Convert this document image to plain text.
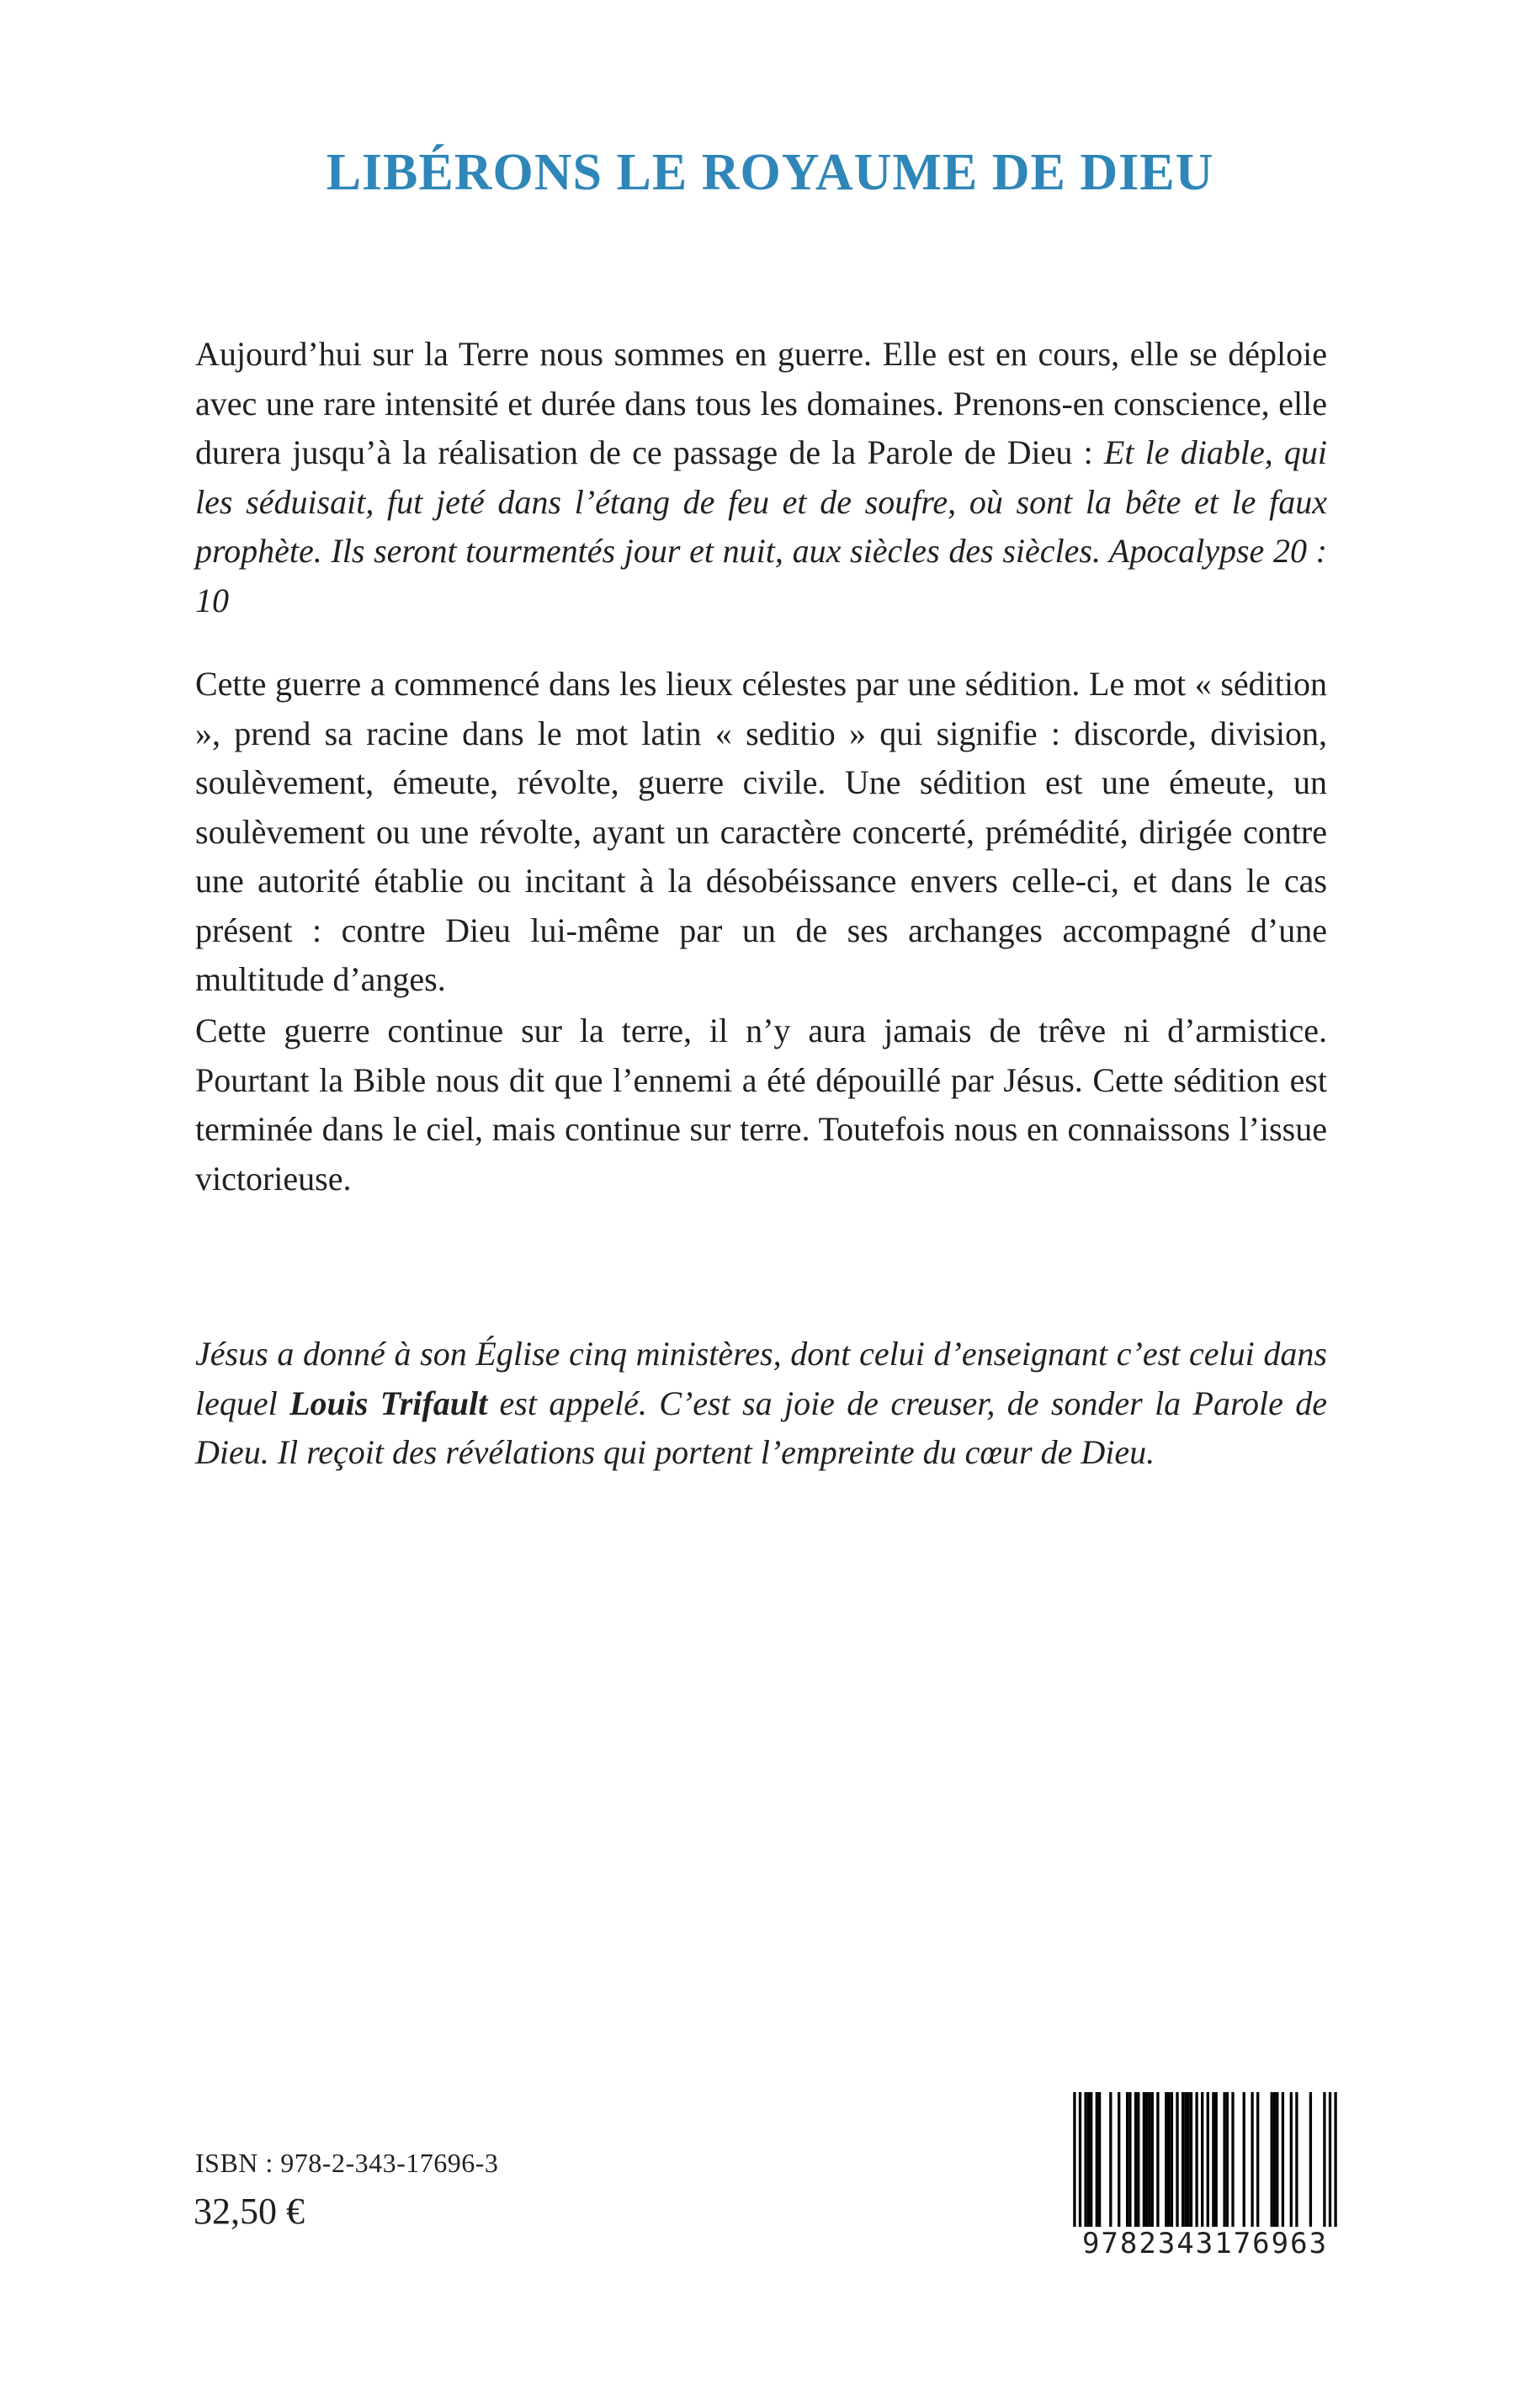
LIBÉRONS LE ROYAUME DE DIEU

Aujourd’hui sur la Terre nous sommes en guerre. Elle est en cours, elle se déploie avec une rare intensité et durée dans tous les domaines. Prenons-en conscience, elle durera jusqu’à la réalisation de ce passage de la Parole de Dieu : Et le diable, qui les séduisait, fut jeté dans l’étang de feu et de soufre, où sont la bête et le faux prophète. Ils seront tourmentés jour et nuit, aux siècles des siècles. Apocalypse 20 : 10

Cette guerre a commencé dans les lieux célestes par une sédition. Le mot « sédition », prend sa racine dans le mot latin « seditio » qui signifie : discorde, division, soulèvement, émeute, révolte, guerre civile. Une sédition est une émeute, un soulèvement ou une révolte, ayant un caractère concerté, prémédité, dirigée contre une autorité établie ou incitant à la désobéissance envers celle-ci, et dans le cas présent : contre Dieu lui-même par un de ses archanges accompagné d’une multitude d’anges.

Cette guerre continue sur la terre, il n’y aura jamais de trêve ni d’armistice. Pourtant la Bible nous dit que l’ennemi a été dépouillé par Jésus. Cette sédition est terminée dans le ciel, mais continue sur terre. Toutefois nous en connaissons l’issue victorieuse.

Jésus a donné à son Église cinq ministères, dont celui d’enseignant c’est celui dans lequel Louis Trifault est appelé. C’est sa joie de creuser, de sonder la Parole de Dieu. Il reçoit des révélations qui portent l’empreinte du cœur de Dieu.

ISBN : 978-2-343-17696-3
32,50 €
9782343176963
